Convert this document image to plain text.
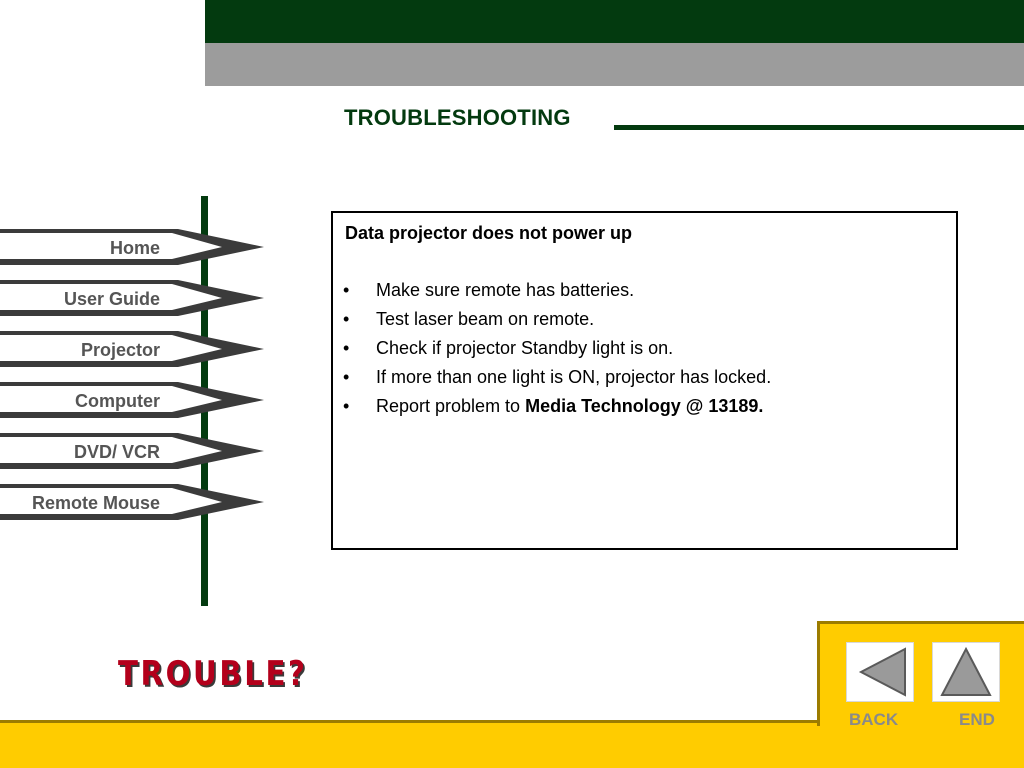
TROUBLESHOOTING
Home
User Guide
Projector
Computer
DVD/ VCR
Remote Mouse
Data projector does not power up
• Make sure remote has batteries.
• Test laser beam on remote.
• Check if projector Standby light is on.
• If more than one light is ON, projector has locked.
• Report problem to Media Technology @ 13189.
TROUBLE?
BACK	END
